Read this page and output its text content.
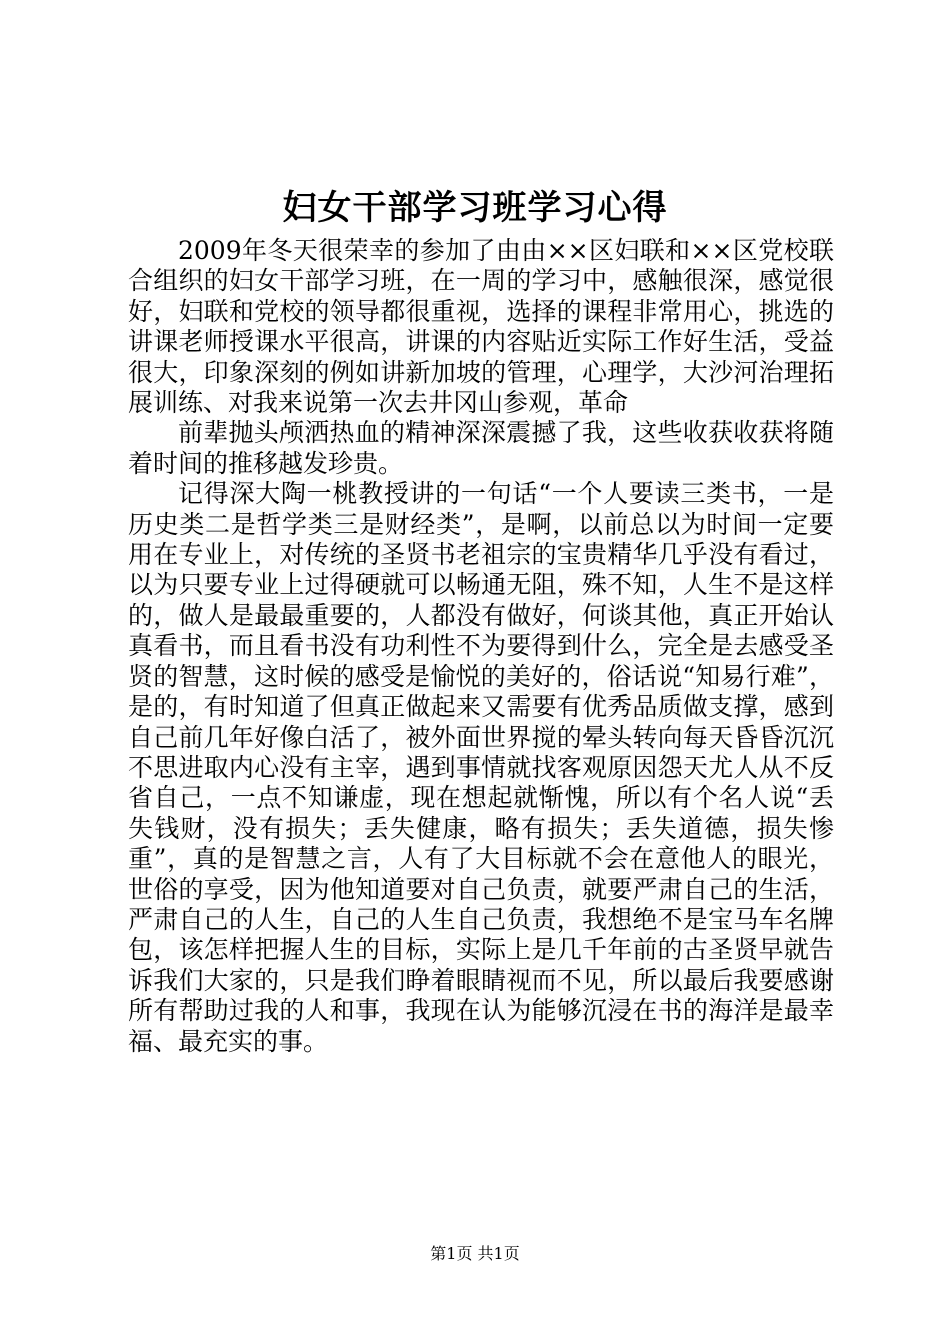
妇女干部学习班学习心得

2009年冬天很荣幸的参加了由由××区妇联和××区党校联合组织的妇女干部学习班，在一周的学习中，感触很深，感觉很好，妇联和党校的领导都很重视，选择的课程非常用心，挑选的讲课老师授课水平很高，讲课的内容贴近实际工作好生活，受益很大，印象深刻的例如讲新加坡的管理，心理学，大沙河治理拓展训练、对我来说第一次去井冈山参观，革命

前辈抛头颅洒热血的精神深深震撼了我，这些收获收获将随着时间的推移越发珍贵。

记得深大陶一桃教授讲的一句话“一个人要读三类书，一是历史类二是哲学类三是财经类”，是啊，以前总以为时间一定要用在专业上，对传统的圣贤书老祖宗的宝贵精华几乎没有看过，以为只要专业上过得硬就可以畅通无阻，殊不知，人生不是这样的，做人是最最重要的，人都没有做好，何谈其他，真正开始认真看书，而且看书没有功利性不为要得到什么，完全是去感受圣贤的智慧，这时候的感受是愉悦的美好的，俗话说“知易行难”，是的，有时知道了但真正做起来又需要有优秀品质做支撑，感到自己前几年好像白活了，被外面世界搅的晕头转向每天昏昏沉沉不思进取内心没有主宰，遇到事情就找客观原因怨天尤人从不反省自己，一点不知谦虚，现在想起就惭愧，所以有个名人说“丢失钱财，没有损失；丢失健康，略有损失；丢失道德，损失惨重”，真的是智慧之言，人有了大目标就不会在意他人的眼光，世俗的享受，因为他知道要对自己负责，就要严肃自己的生活，严肃自己的人生，自己的人生自己负责，我想绝不是宝马车名牌包，该怎样把握人生的目标，实际上是几千年前的古圣贤早就告诉我们大家的，只是我们睁着眼睛视而不见，所以最后我要感谢所有帮助过我的人和事，我现在认为能够沉浸在书的海洋是最幸福、最充实的事。

第1页 共1页
